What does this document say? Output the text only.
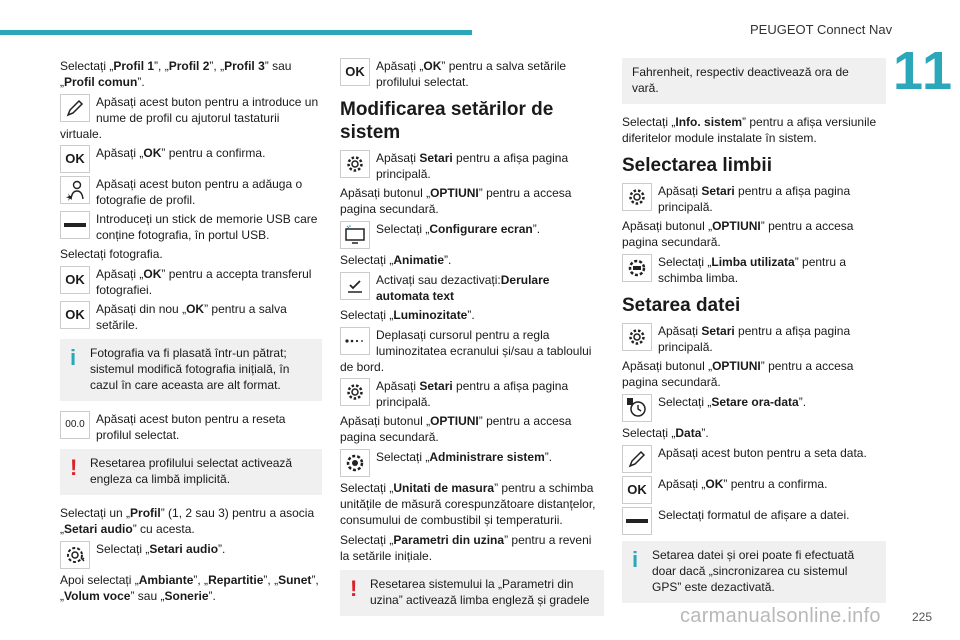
PEUGEOT Connect Nav
11

Selectați „Profil 1”, „Profil 2”, „Profil 3” sau „Profil comun”.

Apăsați acest buton pentru a introduce un nume de profil cu ajutorul tastaturii virtuale.
OK Apăsați „OK” pentru a confirma.
Apăsați acest buton pentru a adăuga o fotografie de profil.
Introduceți un stick de memorie USB care conține fotografia, în portul USB.

Selectați fotografia.

OK Apăsați „OK” pentru a accepta transferul fotografiei.
OK Apăsați din nou „OK” pentru a salva setările.
i Fotografia va fi plasată într-un pătrat; sistemul modifică fotografia inițială, în cazul în care aceasta are alt format.
00.0 Apăsați acest buton pentru a reseta profilul selectat.
! Resetarea profilului selectat activează engleza ca limbă implicită.

Selectați un „Profil” (1, 2 sau 3) pentru a asocia „Setari audio” cu acesta.

Selectați „Setari audio”.

Apoi selectați „Ambiante”, „Repartitie”, „Sunet”, „Volum voce” sau „Sonerie”.

OK Apăsați „OK” pentru a salva setările profilului selectat.
Modificarea setărilor de sistem
Apăsați Setari pentru a afișa pagina principală.

Apăsați butonul „OPTIUNI” pentru a accesa pagina secundară.

Selectați „Configurare ecran”.

Selectați „Animatie”.

Activați sau dezactivați:Derulare automata text

Selectați „Luminozitate”.

Deplasați cursorul pentru a regla luminozitatea ecranului și/sau a tabloului de bord.
Apăsați Setari pentru a afișa pagina principală.

Apăsați butonul „OPTIUNI” pentru a accesa pagina secundară.

Selectați „Administrare sistem”.

Selectați „Unitati de masura” pentru a schimba unitățile de măsură corespunzătoare distanțelor, consumului de combustibil și temperaturii.

Selectați „Parametri din uzina” pentru a reveni la setările inițiale.

! Resetarea sistemului la „Parametri din uzina” activează limba engleză și gradele
Fahrenheit, respectiv deactivează ora de vară.

Selectați „Info. sistem” pentru a afișa versiunile diferitelor module instalate în sistem.

Selectarea limbii
Apăsați Setari pentru a afișa pagina principală.

Apăsați butonul „OPTIUNI” pentru a accesa pagina secundară.

Selectați „Limba utilizata” pentru a schimba limba.
Setarea datei
Apăsați Setari pentru a afișa pagina principală.

Apăsați butonul „OPTIUNI” pentru a accesa pagina secundară.

Selectați „Setare ora-data”.

Selectați „Data”.

Apăsați acest buton pentru a seta data.
OK Apăsați „OK” pentru a confirma.
Selectați formatul de afișare a datei.
i Setarea datei și orei poate fi efectuată doar dacă „sincronizarea cu sistemul GPS” este dezactivată.
carmanualsonline.info	225
